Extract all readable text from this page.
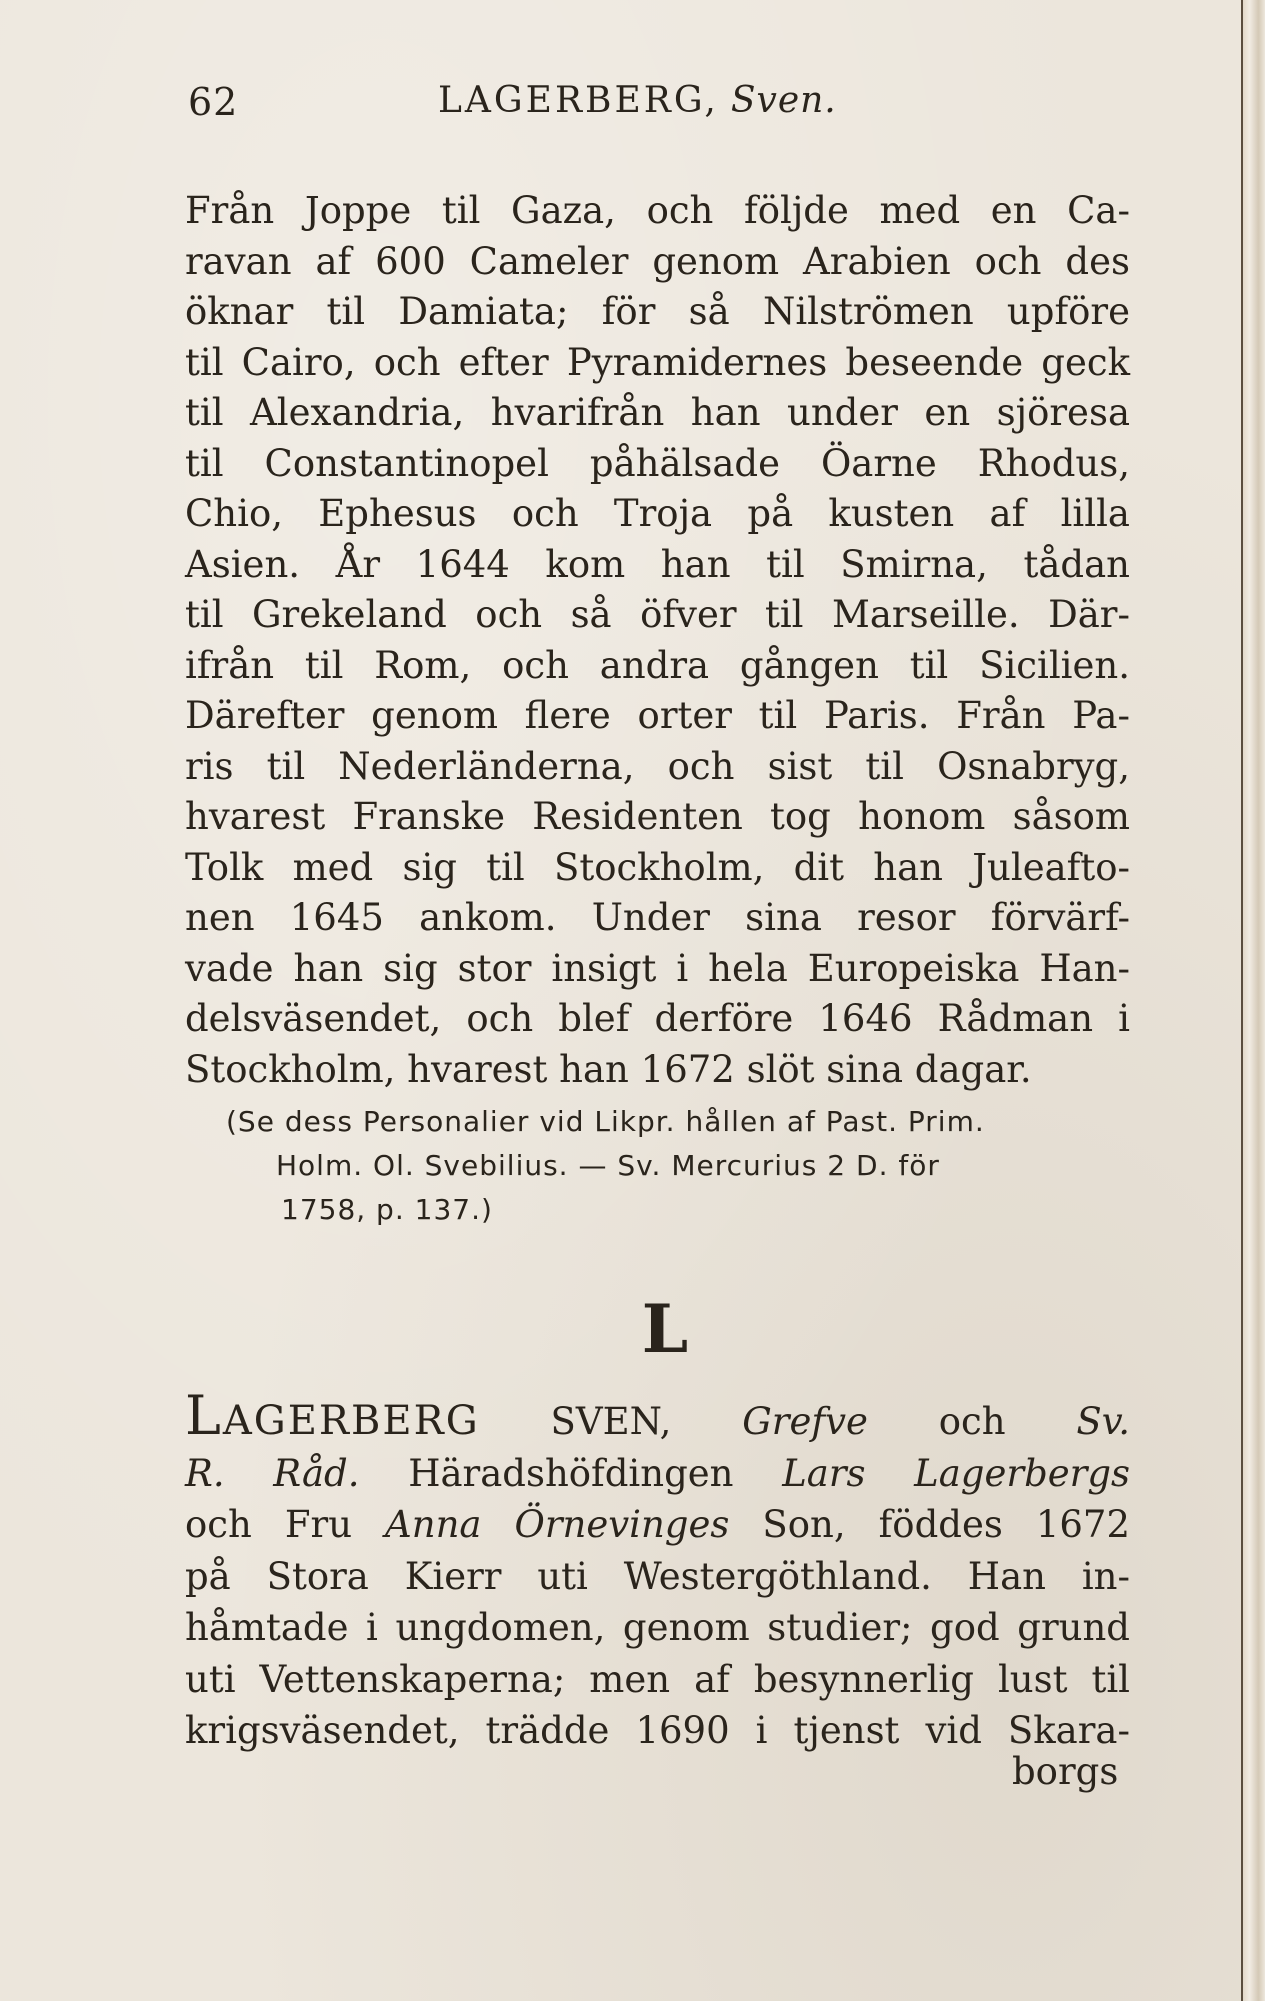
62	LAGERBERG, Sven.
Från Joppe til Gaza, och följde med en Ca-
ravan af 600 Cameler genom Arabien och des
öknar til Damiata; för så Nilströmen upföre
til Cairo, och efter Pyramidernes beseende geck
til Alexandria, hvarifrån han under en sjöresa
til Constantinopel påhälsade Öarne Rhodus,
Chio, Ephesus och Troja på kusten af lilla
Asien. År 1644 kom han til Smirna, tådan
til Grekeland och så öfver til Marseille. Där-
ifrån til Rom, och andra gången til Sicilien.
Därefter genom flere orter til Paris. Från Pa-
ris til Nederländerna, och sist til Osnabryg,
hvarest Franske Residenten tog honom såsom
Tolk med sig til Stockholm, dit han Juleafto-
nen 1645 ankom. Under sina resor förvärf-
vade han sig stor insigt i hela Europeiska Han-
delsväsendet, och blef derföre 1646 Rådman i
Stockholm, hvarest han 1672 slöt sina dagar.
(Se dess Personalier vid Likpr. hållen af Past. Prim.
Holm. Ol. Svebilius. — Sv. Mercurius 2 D. för
1758, p. 137.)
L
LAGERBERG SVEN, Grefve och Sv.
R. Råd. Häradshöfdingen Lars Lagerbergs
och Fru Anna Örnevinges Son, föddes 1672
på Stora Kierr uti Westergöthland. Han in-
håmtade i ungdomen, genom studier; god grund
uti Vettenskaperna; men af besynnerlig lust til
krigsväsendet, trädde 1690 i tjenst vid Skara-
borgs
